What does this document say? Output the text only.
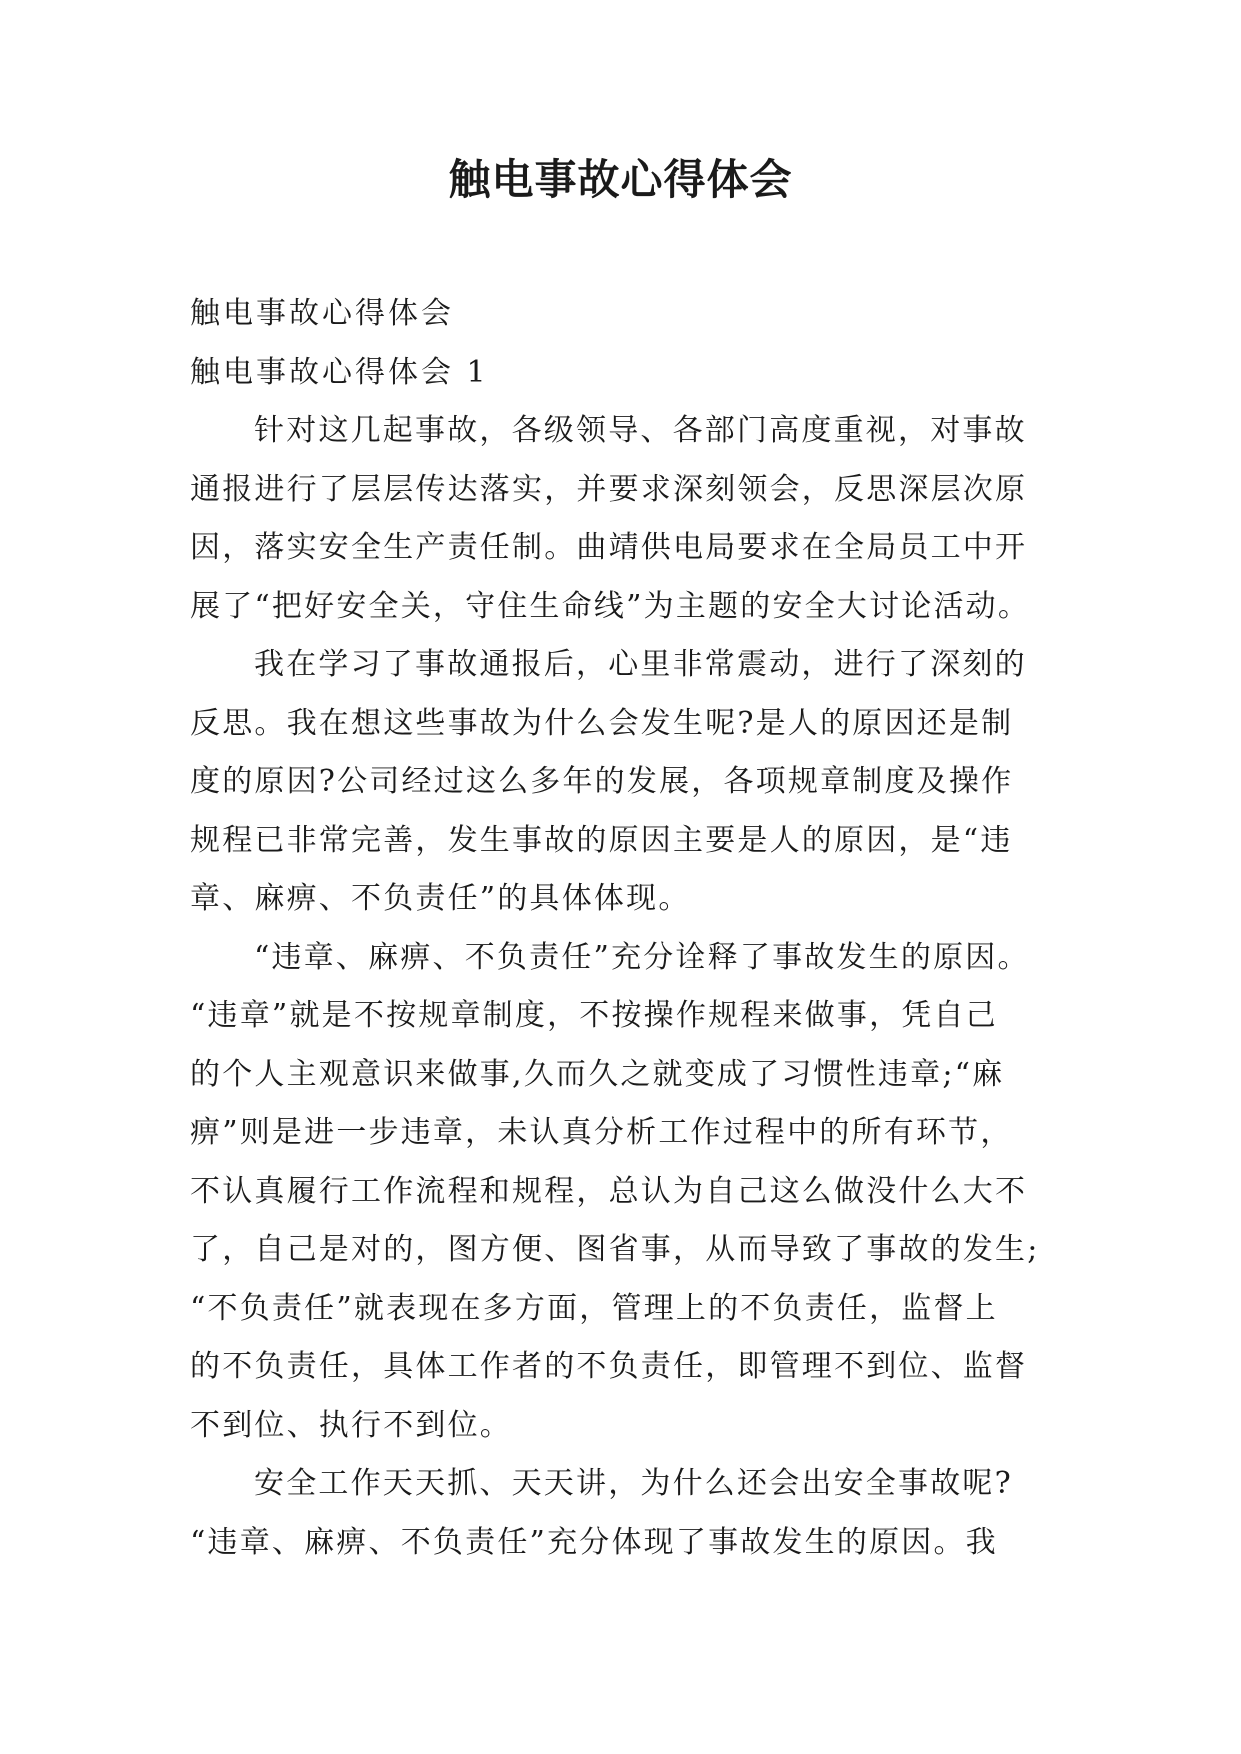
触电事故心得体会

触电事故心得体会

触电事故心得体会 1

针对这几起事故，各级领导、各部门高度重视，对事故

通报进行了层层传达落实，并要求深刻领会，反思深层次原

因，落实安全生产责任制。曲靖供电局要求在全局员工中开

展了“把好安全关，守住生命线”为主题的安全大讨论活动。

我在学习了事故通报后，心里非常震动，进行了深刻的

反思。我在想这些事故为什么会发生呢?是人的原因还是制

度的原因?公司经过这么多年的发展，各项规章制度及操作

规程已非常完善，发生事故的原因主要是人的原因，是“违

章、麻痹、不负责任”的具体体现。

“违章、麻痹、不负责任”充分诠释了事故发生的原因。

“违章”就是不按规章制度，不按操作规程来做事，凭自己

的个人主观意识来做事,久而久之就变成了习惯性违章;“麻

痹”则是进一步违章，未认真分析工作过程中的所有环节，

不认真履行工作流程和规程，总认为自己这么做没什么大不

了，自己是对的，图方便、图省事，从而导致了事故的发生;

“不负责任”就表现在多方面，管理上的不负责任，监督上

的不负责任，具体工作者的不负责任，即管理不到位、监督

不到位、执行不到位。

安全工作天天抓、天天讲，为什么还会出安全事故呢?

“违章、麻痹、不负责任”充分体现了事故发生的原因。我
